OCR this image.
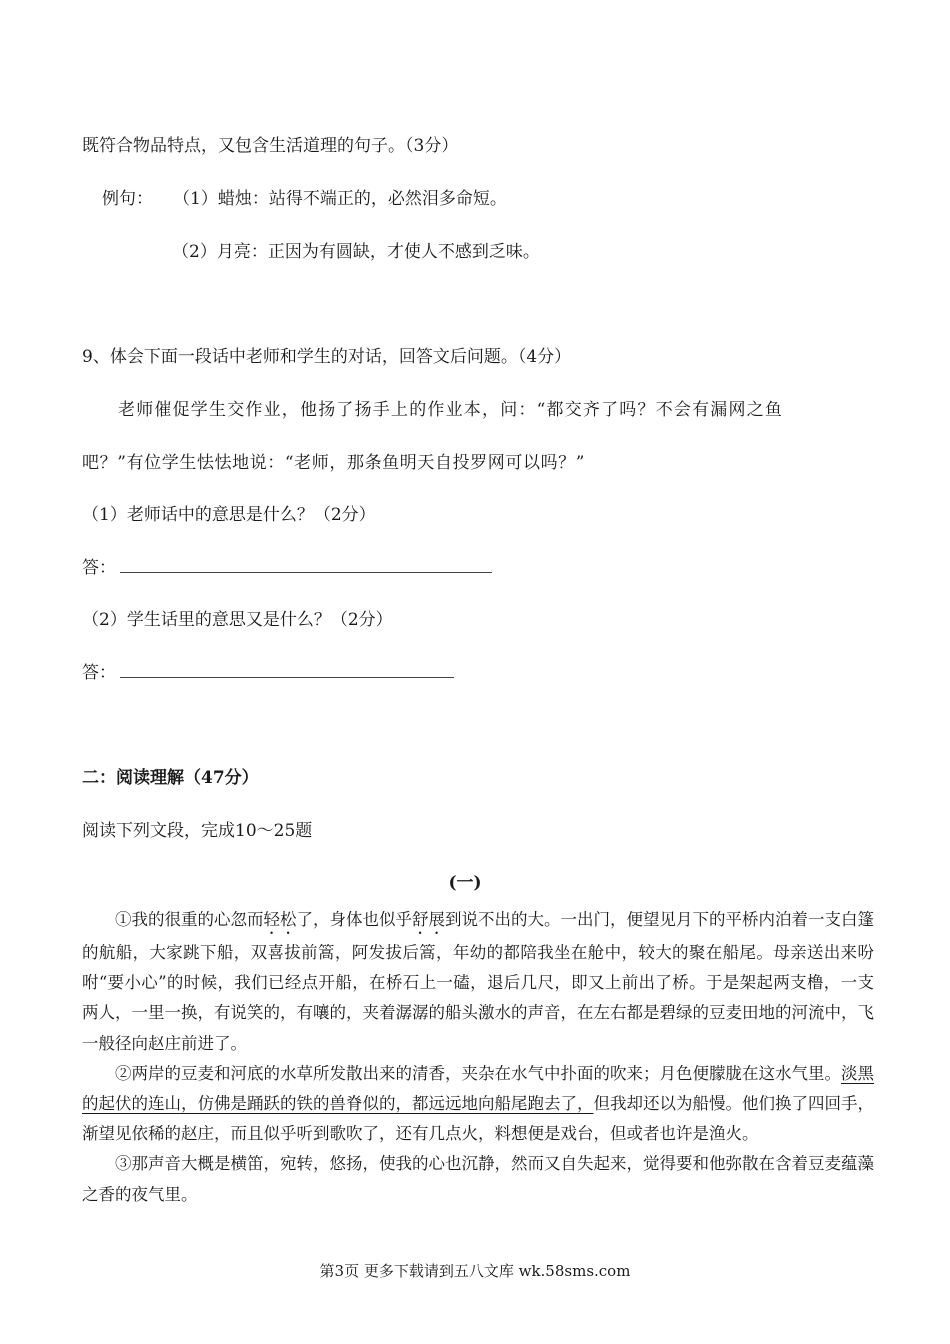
既符合物品特点，又包含生活道理的句子。（3分）
例句： （1）蜡烛：站得不端正的，必然泪多命短。
（2）月亮：正因为有圆缺，才使人不感到乏味。
9、体会下面一段话中老师和学生的对话，回答文后问题。（4分）
老师催促学生交作业，他扬了扬手上的作业本，问：“都交齐了吗？不会有漏网之鱼
吧？”有位学生怯怯地说：“老师，那条鱼明天自投罗网可以吗？”
（1）老师话中的意思是什么？（2分）
答：
（2）学生话里的意思又是什么？（2分）
答：
二：阅读理解（47分）
阅读下列文段，完成10～25题
(一)

①我的很重的心忽而轻松了，身体也似乎舒展到说不出的大。一出门，便望见月下的平桥内泊着一支白篷的航船，大家跳下船，双喜拔前篙，阿发拔后篙，年幼的都陪我坐在舱中，较大的聚在船尾。母亲送出来吩咐“要小心”的时候，我们已经点开船，在桥石上一磕，退后几尺，即又上前出了桥。于是架起两支橹，一支两人，一里一换，有说笑的，有嚷的，夹着潺潺的船头激水的声音，在左右都是碧绿的豆麦田地的河流中，飞一般径向赵庄前进了。

②两岸的豆麦和河底的水草所发散出来的清香，夹杂在水气中扑面的吹来；月色便朦胧在这水气里。淡黑的起伏的连山，仿佛是踊跃的铁的兽脊似的，都远远地向船尾跑去了，但我却还以为船慢。他们换了四回手，渐望见依稀的赵庄，而且似乎听到歌吹了，还有几点火，料想便是戏台，但或者也许是渔火。

③那声音大概是横笛，宛转，悠扬，使我的心也沉静，然而又自失起来，觉得要和他弥散在含着豆麦蕴藻之香的夜气里。

第3页 更多下载请到五八文库 wk.58sms.com
